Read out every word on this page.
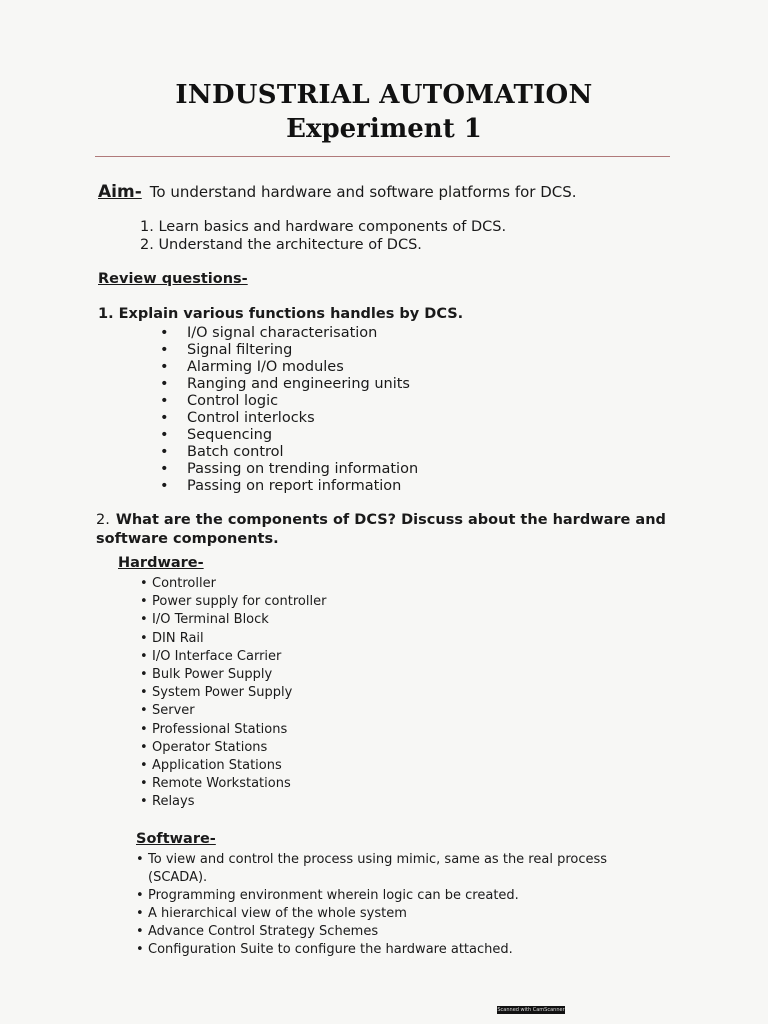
INDUSTRIAL AUTOMATION
Experiment 1
Aim- To understand hardware and software platforms for DCS.
1. Learn basics and hardware components of DCS.
2. Understand the architecture of DCS.
Review questions-
1. Explain various functions handles by DCS.
• I/O signal characterisation
• Signal filtering
• Alarming I/O modules
• Ranging and engineering units
• Control logic
• Control interlocks
• Sequencing
• Batch control
• Passing on trending information
• Passing on report information
2. What are the components of DCS? Discuss about the hardware and software components.
Hardware-
• Controller
• Power supply for controller
• I/O Terminal Block
• DIN Rail
• I/O Interface Carrier
• Bulk Power Supply
• System Power Supply
• Server
• Professional Stations
• Operator Stations
• Application Stations
• Remote Workstations
• Relays
Software-
• To view and control the process using mimic, same as the real process (SCADA).
• Programming environment wherein logic can be created.
• A hierarchical view of the whole system
• Advance Control Strategy Schemes
• Configuration Suite to configure the hardware attached.
Scanned with CamScanner
